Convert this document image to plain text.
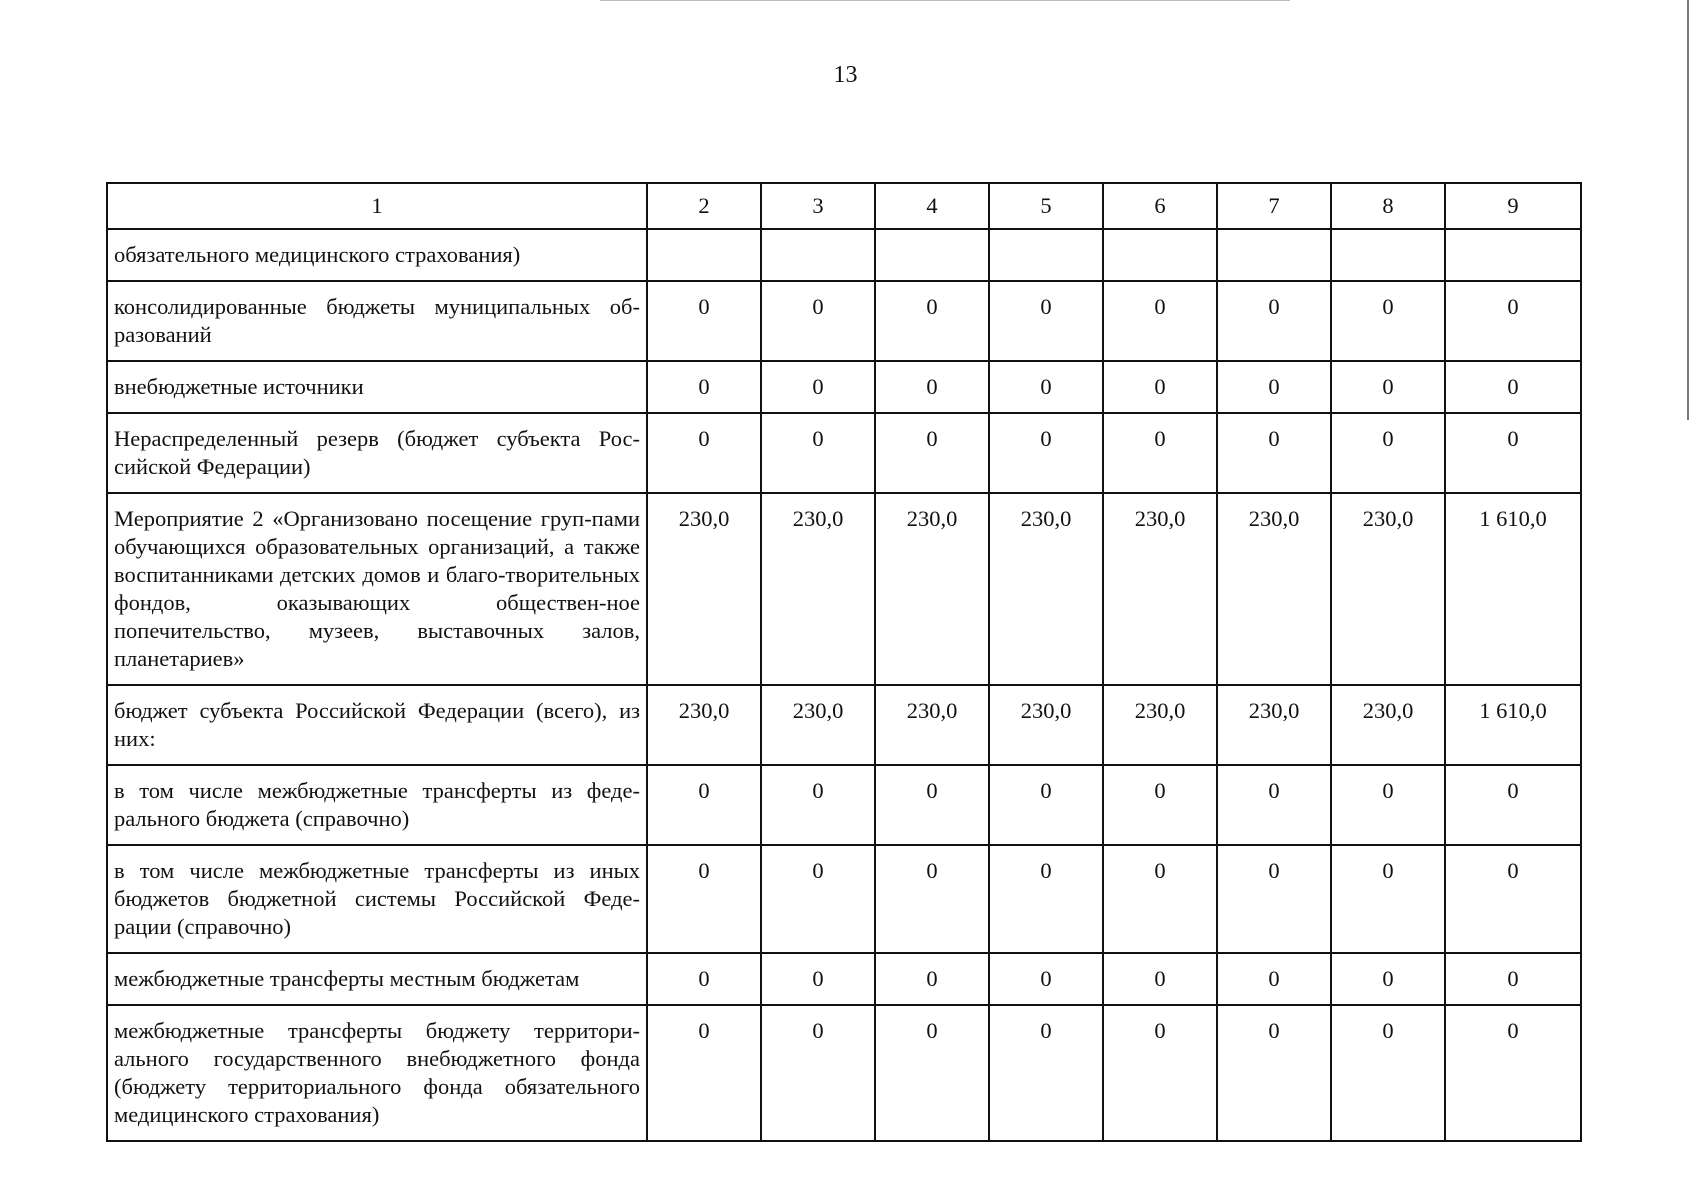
13
1	2	3	4	5	6	7	8	9
обязательного медицинского страхования)								
консолидированные бюджеты муниципальных об-разований	0	0	0	0	0	0	0	0
внебюджетные источники	0	0	0	0	0	0	0	0
Нераспределенный резерв (бюджет субъекта Рос-сийской Федерации)	0	0	0	0	0	0	0	0
Мероприятие 2 «Организовано посещение груп-пами обучающихся образовательных организаций, а также воспитанниками детских домов и благо-творительных фондов, оказывающих обществен-ное попечительство, музеев, выставочных залов, планетариев»	230,0	230,0	230,0	230,0	230,0	230,0	230,0	1 610,0
бюджет субъекта Российской Федерации (всего), из них:	230,0	230,0	230,0	230,0	230,0	230,0	230,0	1 610,0
в том числе межбюджетные трансферты из феде-рального бюджета (справочно)	0	0	0	0	0	0	0	0
в том числе межбюджетные трансферты из иных бюджетов бюджетной системы Российской Феде-рации (справочно)	0	0	0	0	0	0	0	0
межбюджетные трансферты местным бюджетам	0	0	0	0	0	0	0	0
межбюджетные трансферты бюджету территори-ального государственного внебюджетного фонда (бюджету территориального фонда обязательного медицинского страхования)	0	0	0	0	0	0	0	0
